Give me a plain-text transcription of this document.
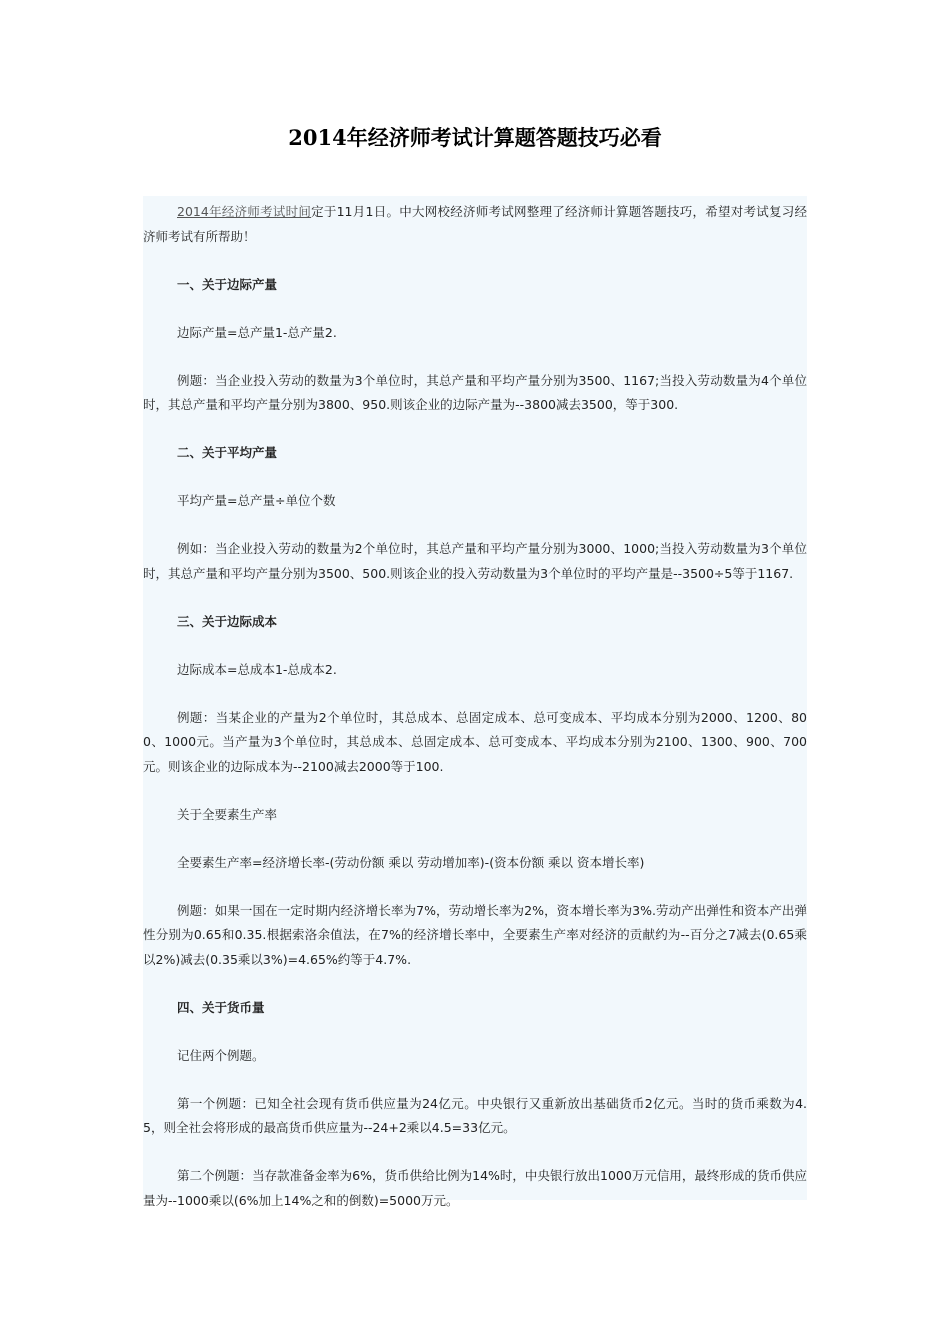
2014年经济师考试计算题答题技巧必看

2014年经济师考试时间定于11月1日。中大网校经济师考试网整理了经济师计算题答题技巧，希望对考试复习经济师考试有所帮助！

一、关于边际产量

边际产量=总产量1-总产量2.

例题：当企业投入劳动的数量为3个单位时，其总产量和平均产量分别为3500、1167;当投入劳动数量为4个单位时，其总产量和平均产量分别为3800、950.则该企业的边际产量为--3800减去3500，等于300.

二、关于平均产量

平均产量=总产量÷单位个数

例如：当企业投入劳动的数量为2个单位时，其总产量和平均产量分别为3000、1000;当投入劳动数量为3个单位时，其总产量和平均产量分别为3500、500.则该企业的投入劳动数量为3个单位时的平均产量是--3500÷5等于1167.

三、关于边际成本

边际成本=总成本1-总成本2.

例题：当某企业的产量为2个单位时，其总成本、总固定成本、总可变成本、平均成本分别为2000、1200、800、1000元。当产量为3个单位时，其总成本、总固定成本、总可变成本、平均成本分别为2100、1300、900、700元。则该企业的边际成本为--2100减去2000等于100.

关于全要素生产率

全要素生产率=经济增长率-(劳动份额 乘以 劳动增加率)-(资本份额 乘以 资本增长率)

例题：如果一国在一定时期内经济增长率为7%，劳动增长率为2%，资本增长率为3%.劳动产出弹性和资本产出弹性分别为0.65和0.35.根据索洛余值法，在7%的经济增长率中，全要素生产率对经济的贡献约为--百分之7减去(0.65乘以2%)减去(0.35乘以3%)=4.65%约等于4.7%.

四、关于货币量

记住两个例题。

第一个例题：已知全社会现有货币供应量为24亿元。中央银行又重新放出基础货币2亿元。当时的货币乘数为4.5，则全社会将形成的最高货币供应量为--24+2乘以4.5=33亿元。

第二个例题：当存款准备金率为6%，货币供给比例为14%时，中央银行放出1000万元信用，最终形成的货币供应量为--1000乘以(6%加上14%之和的倒数)=5000万元。
